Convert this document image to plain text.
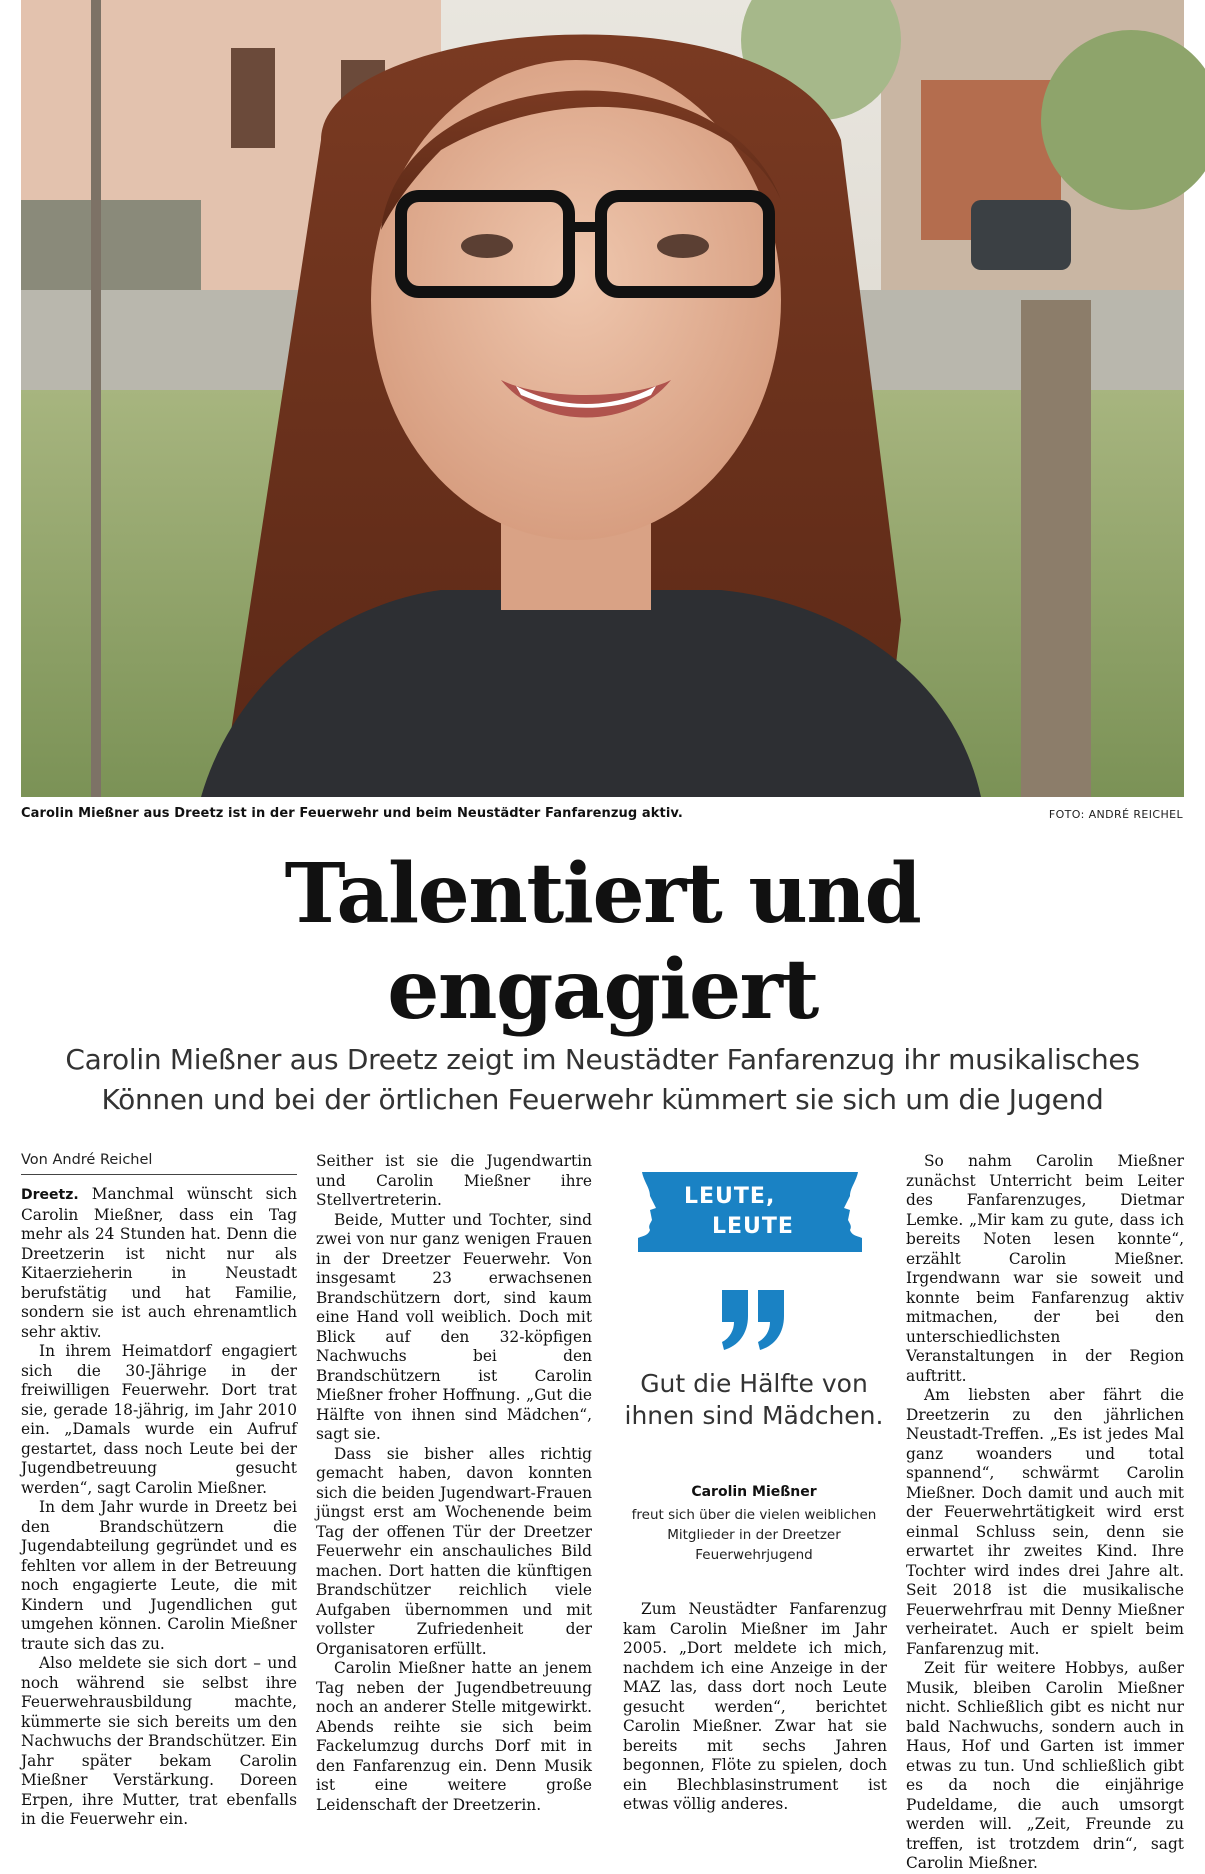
Carolin Mießner aus Dreetz ist in der Feuerwehr und beim Neustädter Fanfarenzug aktiv.	FOTO: ANDRÉ REICHEL
Talentiert und
engagiert

Carolin Mießner aus Dreetz zeigt im Neustädter Fanfarenzug ihr musikalisches Können und bei der örtlichen Feuerwehr kümmert sie sich um die Jugend

Von André Reichel

Dreetz. Manchmal wünscht sich Carolin Mießner, dass ein Tag mehr als 24 Stunden hat. Denn die Dreetzerin ist nicht nur als Kitaerzieherin in Neustadt berufstätig und hat Familie, sondern sie ist auch ehrenamtlich sehr aktiv.

In ihrem Heimatdorf engagiert sich die 30-Jährige in der freiwilligen Feuerwehr. Dort trat sie, gerade 18-jährig, im Jahr 2010 ein. „Damals wurde ein Aufruf gestartet, dass noch Leute bei der Jugendbetreuung gesucht werden“, sagt Carolin Mießner.

In dem Jahr wurde in Dreetz bei den Brandschützern die Jugendabteilung gegründet und es fehlten vor allem in der Betreuung noch engagierte Leute, die mit Kindern und Jugendlichen gut umgehen können. Carolin Mießner traute sich das zu.

Also meldete sie sich dort – und noch während sie selbst ihre Feuerwehrausbildung machte, kümmerte sie sich bereits um den Nachwuchs der Brandschützer. Ein Jahr später bekam Carolin Mießner Verstärkung. Doreen Erpen, ihre Mutter, trat ebenfalls in die Feuerwehr ein.

Seither ist sie die Jugendwartin und Carolin Mießner ihre Stellvertreterin.

Beide, Mutter und Tochter, sind zwei von nur ganz wenigen Frauen in der Dreetzer Feuerwehr. Von insgesamt 23 erwachsenen Brandschützern dort, sind kaum eine Hand voll weiblich. Doch mit Blick auf den 32-köpfigen Nachwuchs bei den Brandschützern ist Carolin Mießner froher Hoffnung. „Gut die Hälfte von ihnen sind Mädchen“, sagt sie.

Dass sie bisher alles richtig gemacht haben, davon konnten sich die beiden Jugendwart-Frauen jüngst erst am Wochenende beim Tag der offenen Tür der Dreetzer Feuerwehr ein anschauliches Bild machen. Dort hatten die künftigen Brandschützer reichlich viele Aufgaben übernommen und mit vollster Zufriedenheit der Organisatoren erfüllt.

Carolin Mießner hatte an jenem Tag neben der Jugendbetreuung noch an anderer Stelle mitgewirkt. Abends reihte sie sich beim Fackelumzug durchs Dorf mit in den Fanfarenzug ein. Denn Musik ist eine weitere große Leidenschaft der Dreetzerin.

LEUTE,
LEUTE

Gut die Hälfte von ihnen sind Mädchen.

Carolin Mießner

freut sich über die vielen weiblichen Mitglieder in der Dreetzer Feuerwehrjugend

Zum Neustädter Fanfarenzug kam Carolin Mießner im Jahr 2005. „Dort meldete ich mich, nachdem ich eine Anzeige in der MAZ las, dass dort noch Leute gesucht werden“, berichtet Carolin Mießner. Zwar hat sie bereits mit sechs Jahren begonnen, Flöte zu spielen, doch ein Blechblasinstrument ist etwas völlig anderes.

So nahm Carolin Mießner zunächst Unterricht beim Leiter des Fanfarenzuges, Dietmar Lemke. „Mir kam zu gute, dass ich bereits Noten lesen konnte“, erzählt Carolin Mießner. Irgendwann war sie soweit und konnte beim Fanfarenzug aktiv mitmachen, der bei den unterschiedlichsten Veranstaltungen in der Region auftritt.

Am liebsten aber fährt die Dreetzerin zu den jährlichen Neustadt-Treffen. „Es ist jedes Mal ganz woanders und total spannend“, schwärmt Carolin Mießner. Doch damit und auch mit der Feuerwehrtätigkeit wird erst einmal Schluss sein, denn sie erwartet ihr zweites Kind. Ihre Tochter wird indes drei Jahre alt. Seit 2018 ist die musikalische Feuerwehrfrau mit Denny Mießner verheiratet. Auch er spielt beim Fanfarenzug mit.

Zeit für weitere Hobbys, außer Musik, bleiben Carolin Mießner nicht. Schließlich gibt es nicht nur bald Nachwuchs, sondern auch in Haus, Hof und Garten ist immer etwas zu tun. Und schließlich gibt es da noch die einjährige Pudeldame, die auch umsorgt werden will. „Zeit, Freunde zu treffen, ist trotzdem drin“, sagt Carolin Mießner.
